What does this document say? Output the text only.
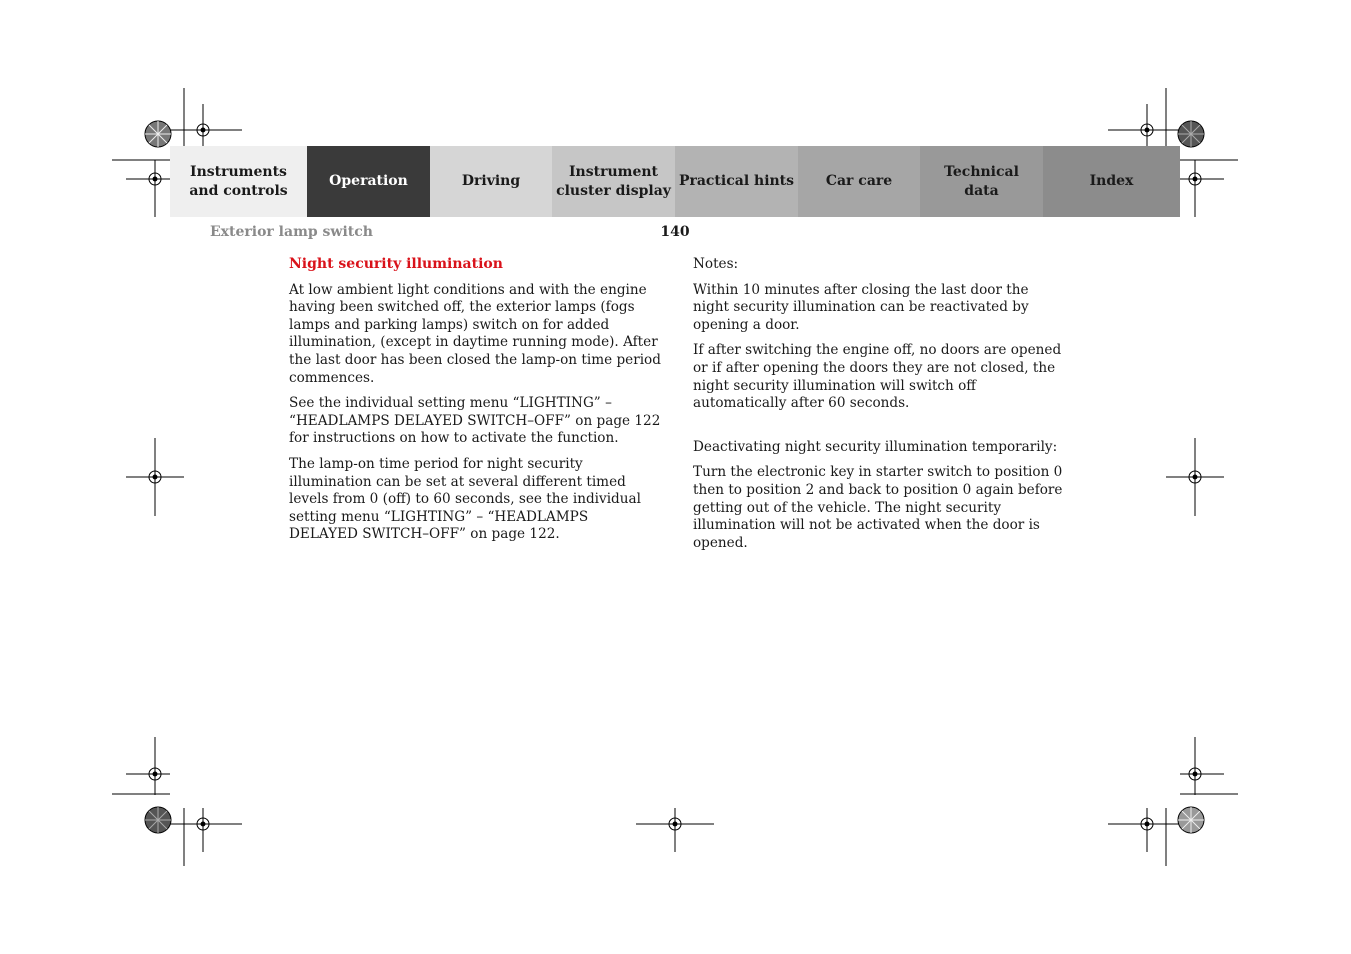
Instruments
and controls
Operation	Driving
Instrument
cluster display
Practical hints Car care
Technical
data
Index
Exterior lamp switch	140

Night security illumination

At low ambient light conditions and with the engine having been switched off, the exterior lamps (fogs lamps and parking lamps) switch on for added illumination, (except in daytime running mode). After the last door has been closed the lamp-on time period commences.

See the individual setting menu “LIGHTING” – “HEADLAMPS DELAYED SWITCH–OFF” on page 122 for instructions on how to activate the function.

The lamp-on time period for night security illumination can be set at several different timed levels from 0 (off) to 60 seconds, see the individual setting menu “LIGHTING” – “HEADLAMPS DELAYED SWITCH–OFF” on page 122.

Notes:

Within 10 minutes after closing the last door the night security illumination can be reactivated by opening a door.

If after switching the engine off, no doors are opened or if after opening the doors they are not closed, the night security illumination will switch off automatically after 60 seconds.

Deactivating night security illumination temporarily:

Turn the electronic key in starter switch to position 0 then to position 2 and back to position 0 again before getting out of the vehicle. The night security illumination will not be activated when the door is opened.
